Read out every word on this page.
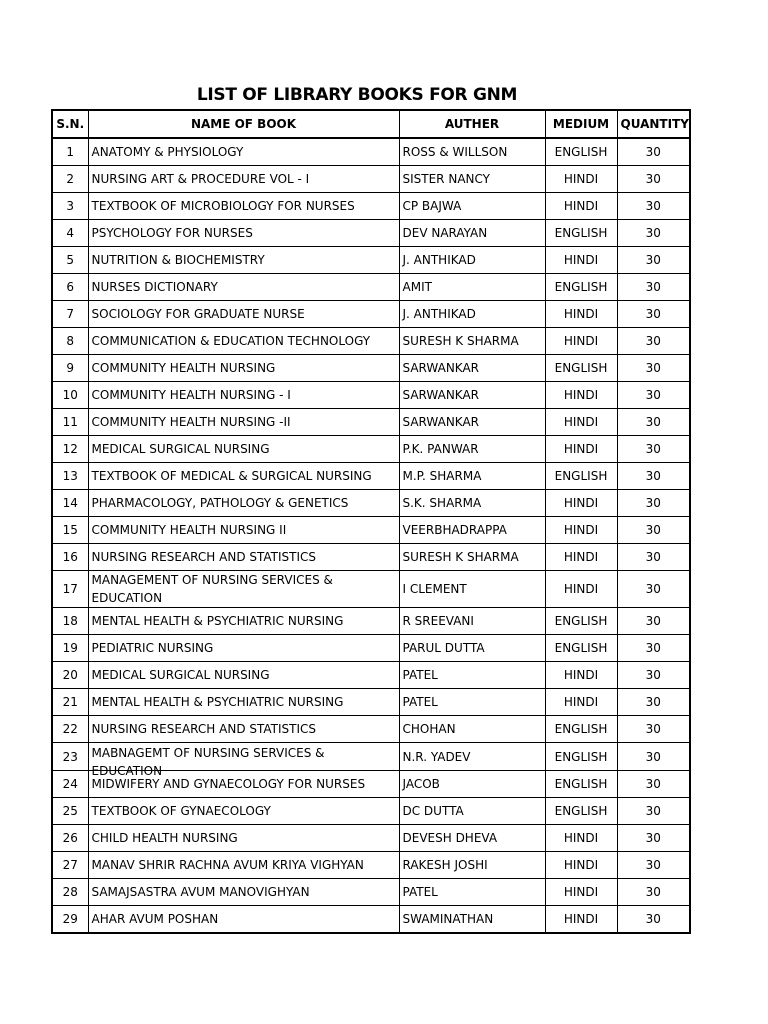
LIST OF LIBRARY BOOKS FOR GNM
S.N.	NAME OF BOOK	AUTHER	MEDIUM	QUANTITY
1	ANATOMY & PHYSIOLOGY	ROSS & WILLSON	ENGLISH	30
2	NURSING ART & PROCEDURE VOL - I	SISTER NANCY	HINDI	30
3	TEXTBOOK OF MICROBIOLOGY FOR NURSES	CP BAJWA	HINDI	30
4	PSYCHOLOGY FOR NURSES	DEV NARAYAN	ENGLISH	30
5	NUTRITION & BIOCHEMISTRY	J. ANTHIKAD	HINDI	30
6	NURSES DICTIONARY	AMIT	ENGLISH	30
7	SOCIOLOGY FOR GRADUATE NURSE	J. ANTHIKAD	HINDI	30
8	COMMUNICATION & EDUCATION TECHNOLOGY	SURESH K SHARMA	HINDI	30
9	COMMUNITY HEALTH NURSING	SARWANKAR	ENGLISH	30
10	COMMUNITY HEALTH NURSING - I	SARWANKAR	HINDI	30
11	COMMUNITY HEALTH NURSING -II	SARWANKAR	HINDI	30
12	MEDICAL SURGICAL NURSING	P.K. PANWAR	HINDI	30
13	TEXTBOOK OF MEDICAL & SURGICAL NURSING	M.P. SHARMA	ENGLISH	30
14	PHARMACOLOGY, PATHOLOGY & GENETICS	S.K. SHARMA	HINDI	30
15	COMMUNITY HEALTH NURSING II	VEERBHADRAPPA	HINDI	30
16	NURSING RESEARCH AND STATISTICS	SURESH K SHARMA	HINDI	30
17	MANAGEMENT OF NURSING SERVICES & EDUCATION	I CLEMENT	HINDI	30
18	MENTAL HEALTH & PSYCHIATRIC NURSING	R SREEVANI	ENGLISH	30
19	PEDIATRIC NURSING	PARUL DUTTA	ENGLISH	30
20	MEDICAL SURGICAL NURSING	PATEL	HINDI	30
21	MENTAL HEALTH & PSYCHIATRIC NURSING	PATEL	HINDI	30
22	NURSING RESEARCH AND STATISTICS	CHOHAN	ENGLISH	30
23	MABNAGEMT OF NURSING SERVICES & EDUCATION	N.R. YADEV	ENGLISH	30
24	MIDWIFERY AND GYNAECOLOGY FOR NURSES	JACOB	ENGLISH	30
25	TEXTBOOK OF GYNAECOLOGY	DC DUTTA	ENGLISH	30
26	CHILD HEALTH NURSING	DEVESH DHEVA	HINDI	30
27	MANAV SHRIR RACHNA AVUM KRIYA VIGHYAN	RAKESH JOSHI	HINDI	30
28	SAMAJSASTRA AVUM MANOVIGHYAN	PATEL	HINDI	30
29	AHAR AVUM POSHAN	SWAMINATHAN	HINDI	30
